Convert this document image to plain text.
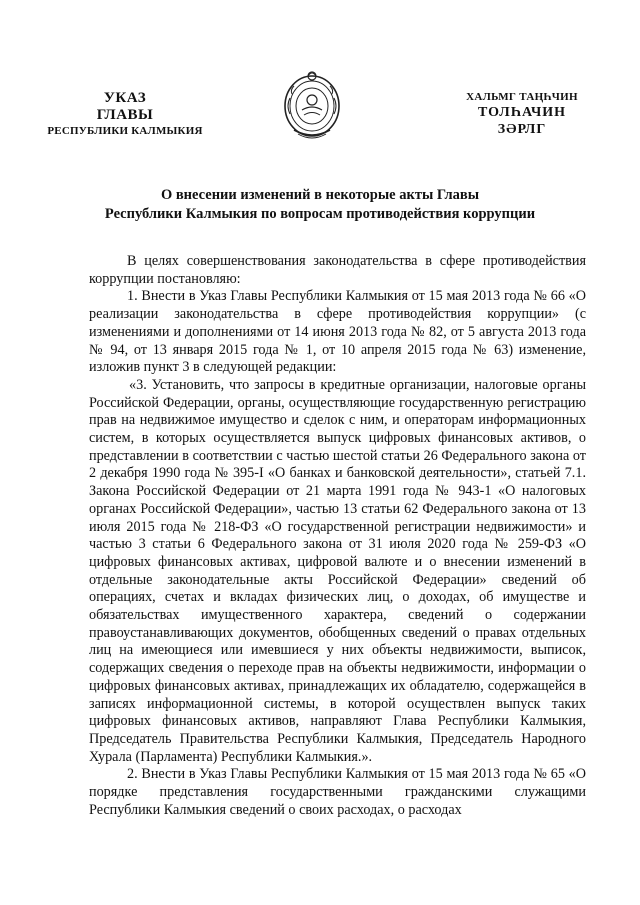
УКАЗ
ГЛАВЫ
РЕСПУБЛИКИ КАЛМЫКИЯ
ХАЛЬМГ ТАҢҺЧИН
ТОЛҺАЧИН
ЗӘРЛГ
О внесении изменений в некоторые акты Главы
Республики Калмыкия по вопросам противодействия коррупции

В целях совершенствования законодательства в сфере противодействия коррупции постановляю:

1. Внести в Указ Главы Республики Калмыкия от 15 мая 2013 года № 66 «О реализации законодательства в сфере противодействия коррупции» (с изменениями и дополнениями от 14 июня 2013 года № 82, от 5 августа 2013 года № 94, от 13 января 2015 года № 1, от 10 апреля 2015 года № 63) изменение, изложив пункт 3 в следующей редакции:

«3. Установить, что запросы в кредитные организации, налоговые органы Российской Федерации, органы, осуществляющие государственную регистрацию прав на недвижимое имущество и сделок с ним, и операторам информационных систем, в которых осуществляется выпуск цифровых финансовых активов, о представлении в соответствии с частью шестой статьи 26 Федерального закона от 2 декабря 1990 года № 395-I «О банках и банковской деятельности», статьей 7.1. Закона Российской Федерации от 21 марта 1991 года № 943-1 «О налоговых органах Российской Федерации», частью 13 статьи 62 Федерального закона от 13 июля 2015 года № 218-ФЗ «О государственной регистрации недвижимости» и частью 3 статьи 6 Федерального закона от 31 июля 2020 года № 259-ФЗ «О цифровых финансовых активах, цифровой валюте и о внесении изменений в отдельные законодательные акты Российской Федерации» сведений об операциях, счетах и вкладах физических лиц, о доходах, об имуществе и обязательствах имущественного характера, сведений о содержании правоустанавливающих документов, обобщенных сведений о правах отдельных лиц на имеющиеся или имевшиеся у них объекты недвижимости, выписок, содержащих сведения о переходе прав на объекты недвижимости, информации о цифровых финансовых активах, принадлежащих их обладателю, содержащейся в записях информационной системы, в которой осуществлен выпуск таких цифровых финансовых активов, направляют Глава Республики Калмыкия, Председатель Правительства Республики Калмыкия, Председатель Народного Хурала (Парламента) Республики Калмыкия.».

2. Внести в Указ Главы Республики Калмыкия от 15 мая 2013 года № 65 «О порядке представления государственными гражданскими служащими Республики Калмыкия сведений о своих расходах, о расходах
